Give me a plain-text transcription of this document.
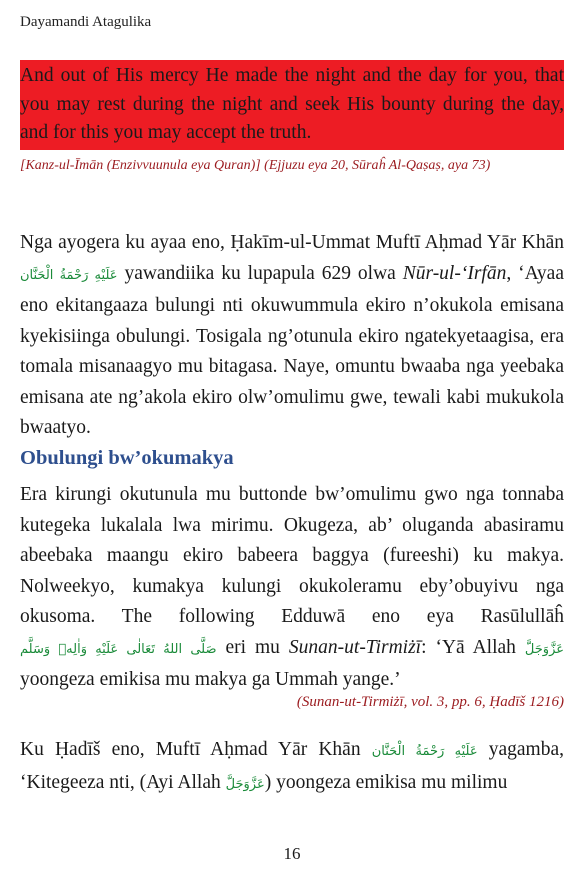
Dayamandi Atagulika
And out of His mercy He made the night and the day for you, that you may rest during the night and seek His bounty during the day, and for this you may accept the truth.
[Kanz-ul-Īmān (Enzivvuunula eya Quran)] (Ejjuzu eya 20, Sūraĥ Al-Qaṣaṣ, aya 73)
Nga ayogera ku ayaa eno, Ḥakīm-ul-Ummat Muftī Aḥmad Yār Khān عَلَيْهِ رَحْمَةُ الْحَنَّان yawandiika ku lupapula 629 olwa Nūr-ul-‘Irfān, ‘Ayaa eno ekitangaaza bulungi nti okuwummula ekiro n’okukola emisana kyekisiinga obulungi. Tosigala ng’otunula ekiro ngatekyetaagisa, era tomala misanaagyo mu bitagasa. Naye, omuntu bwaaba nga yeebaka emisana ate ng’akola ekiro olw’omulimu gwe, tewali kabi mukukola bwaatyo.
Obulungi bw’okumakya
Era kirungi okutunula mu buttonde bw’omulimu gwo nga tonnaba kutegeka lukalala lwa mirimu. Okugeza, ab’ oluganda abasiramu abeebaka maangu ekiro babeera baggya (fureeshi) ku makya. Nolweekyo, kumakya kulungi okukoleramu eby’obuyivu nga okusoma. The following Edduwā eno eya Rasūlullāĥ صَلَّى اللهُ تَعَالٰى عَلَيْهِ وَاٰلِهٖ وَسَلَّم eri mu Sunan-ut-Tirmiżī: ‘Yā Allah عَزَّوَجَلَّ yoongeza emikisa mu makya ga Ummah yange.’
(Sunan-ut-Tirmiżī, vol. 3, pp. 6, Ḥadīš 1216)
Ku Ḥadīš eno, Muftī Aḥmad Yār Khān عَلَيْهِ رَحْمَةُ الْحَنَّان yagamba, ‘Kitegeeza nti, (Ayi Allah عَزَّوَجَلَّ) yoongeza emikisa mu milimu
16
